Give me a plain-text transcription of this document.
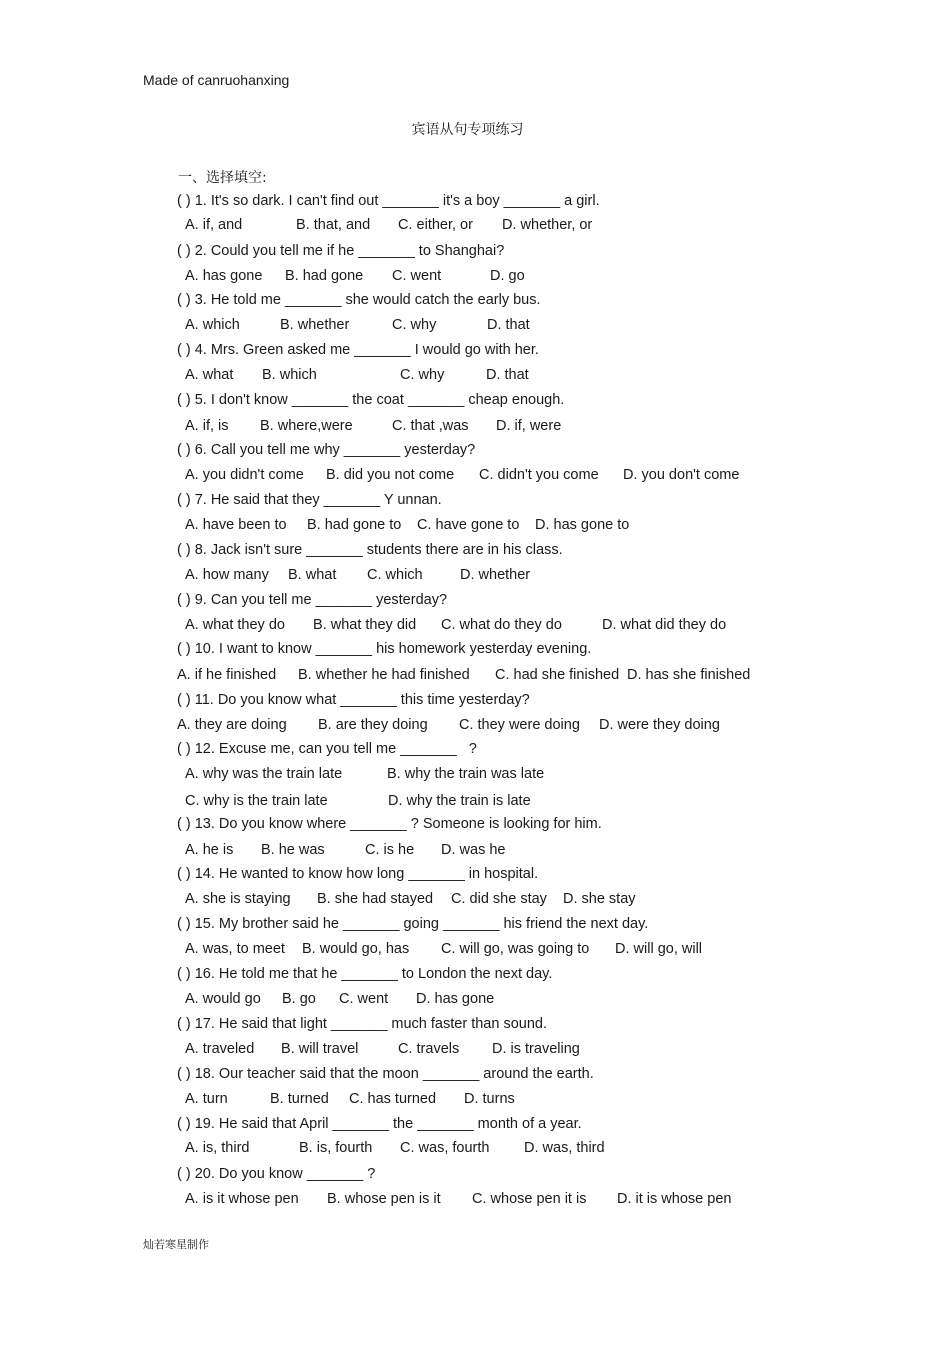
Made of canruohanxing
宾语从句专项练习
一、选择填空:
( ) 1. It's so dark. I can't find out _______ it's a boy _______ a girl.
A. if, and	B. that, and C. either, or D. whether, or
( ) 2. Could you tell me if he _______ to Shanghai?
A. has gone B. had gone C. went	D. go
( ) 3. He told me _______ she would catch the early bus.
A. which	B. whether	C. why	D. that
( ) 4. Mrs. Green asked me _______ I would go with her.
A. what B. which	C. why	D. that
( ) 5. I don't know _______ the coat _______ cheap enough.
A. if, is B. where,were	C. that ,was D. if, were
( ) 6. Call you tell me why _______ yesterday?
A. you didn't come B. did you not come C. didn't you come D. you don't come
( ) 7. He said that they _______ Y unnan.
A. have been to B. had gone to C. have gone to D. has gone to
( ) 8. Jack isn't sure _______ students there are in his class.
A. how many B. what C. which	D. whether
( ) 9. Can you tell me _______ yesterday?
A. what they do B. what they did C. what do they do	D. what did they do
( ) 10. I want to know _______ his homework yesterday evening.
A. if he finished B. whether he had finished C. had she finished D. has she finished
( ) 11. Do you know what _______ this time yesterday?
A. they are doing B. are they doing C. they were doing D. were they doing
( ) 12. Excuse me, can you tell me _______   ?
A. why was the train late	B. why the train was late
C. why is the train late	D. why the train is late
( ) 13. Do you know where _______ ? Someone is looking for him.
A. he is B. he was	C. is he D. was he
( ) 14. He wanted to know how long _______ in hospital.
A. she is staying B. she had stayed C. did she stay D. she stay
( ) 15. My brother said he _______ going _______ his friend the next day.
A. was, to meet B. would go, has C. will go, was going to D. will go, will
( ) 16. He told me that he _______ to London the next day.
A. would go B. go C. went D. has gone
( ) 17. He said that light _______ much faster than sound.
A. traveled B. will travel	C. travels D. is traveling
( ) 18. Our teacher said that the moon _______ around the earth.
A. turn	B. turned C. has turned D. turns
( ) 19. He said that April _______ the _______ month of a year.
A. is, third	B. is, fourth C. was, fourth D. was, third
( ) 20. Do you know _______ ?
A. is it whose pen B. whose pen is it C. whose pen it is D. it is whose pen
灿若寒星制作
